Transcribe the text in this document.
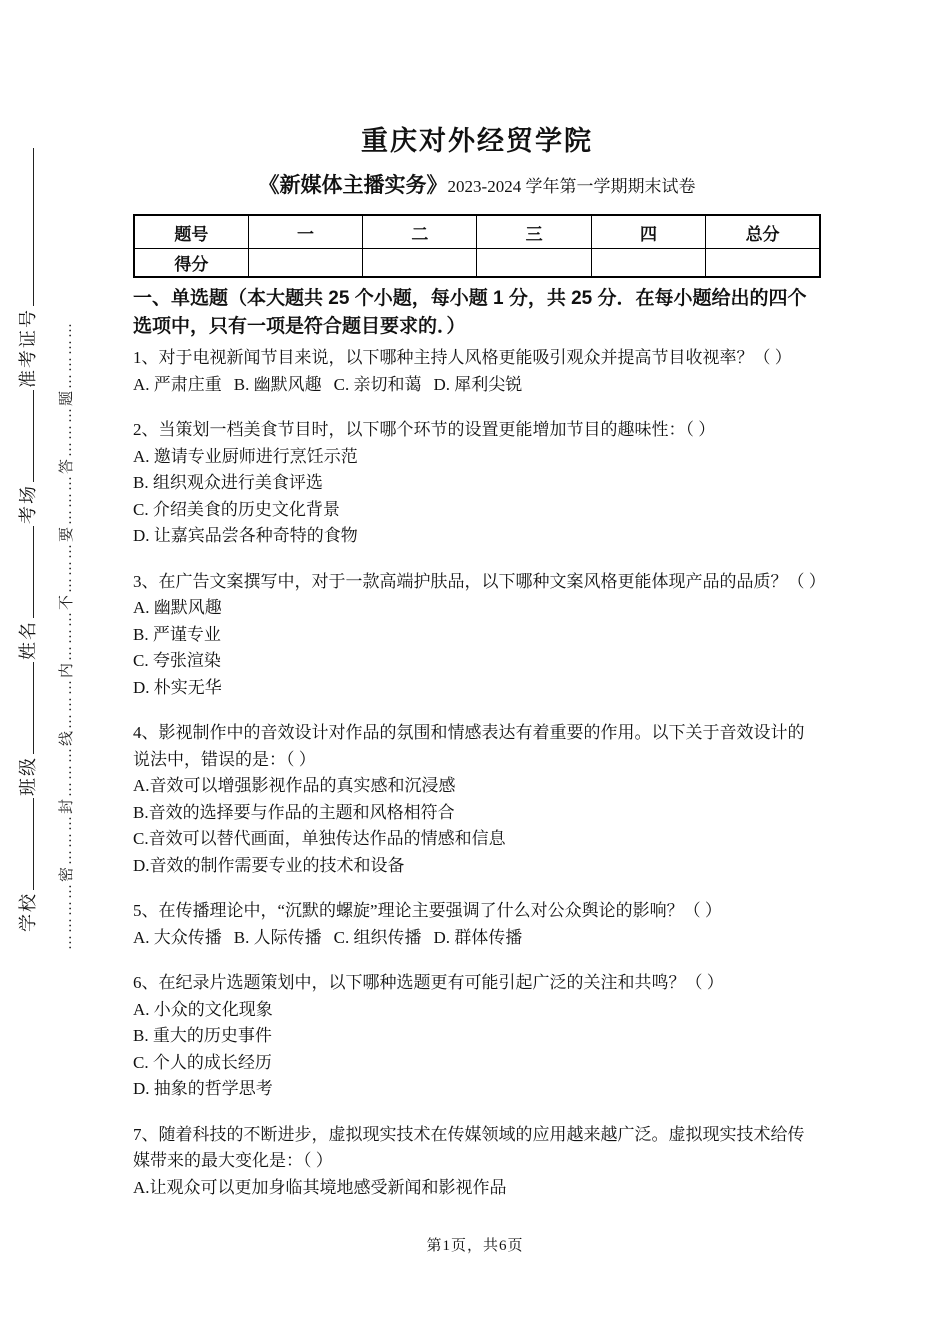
学校班级姓名考场准考证号 …………密………封………线………内………不………要………答………题…………
重庆对外经贸学院
《新媒体主播实务》2023-2024 学年第一学期期末试卷
题号	一	二	三	四	总分
得分					
一、单选题（本大题共 25 个小题，每小题 1 分，共 25 分．在每小题给出的四个选项中，只有一项是符合题目要求的．）
1、对于电视新闻节目来说，以下哪种主持人风格更能吸引观众并提高节目收视率？（ ）
A. 严肃庄重 B. 幽默风趣 C. 亲切和蔼 D. 犀利尖锐
2、当策划一档美食节目时，以下哪个环节的设置更能增加节目的趣味性：（ ）
A. 邀请专业厨师进行烹饪示范
B. 组织观众进行美食评选
C. 介绍美食的历史文化背景
D. 让嘉宾品尝各种奇特的食物
3、在广告文案撰写中，对于一款高端护肤品，以下哪种文案风格更能体现产品的品质？（ ）
A. 幽默风趣
B. 严谨专业
C. 夸张渲染
D. 朴实无华
4、影视制作中的音效设计对作品的氛围和情感表达有着重要的作用。以下关于音效设计的说法中，错误的是：（ ）
A.音效可以增强影视作品的真实感和沉浸感
B.音效的选择要与作品的主题和风格相符合
C.音效可以替代画面，单独传达作品的情感和信息
D.音效的制作需要专业的技术和设备
5、在传播理论中，“沉默的螺旋”理论主要强调了什么对公众舆论的影响？（ ）
A. 大众传播 B. 人际传播 C. 组织传播 D. 群体传播
6、在纪录片选题策划中，以下哪种选题更有可能引起广泛的关注和共鸣？（ ）
A. 小众的文化现象
B. 重大的历史事件
C. 个人的成长经历
D. 抽象的哲学思考
7、随着科技的不断进步，虚拟现实技术在传媒领域的应用越来越广泛。虚拟现实技术给传媒带来的最大变化是：（ ）
A.让观众可以更加身临其境地感受新闻和影视作品
第1页，共6页
